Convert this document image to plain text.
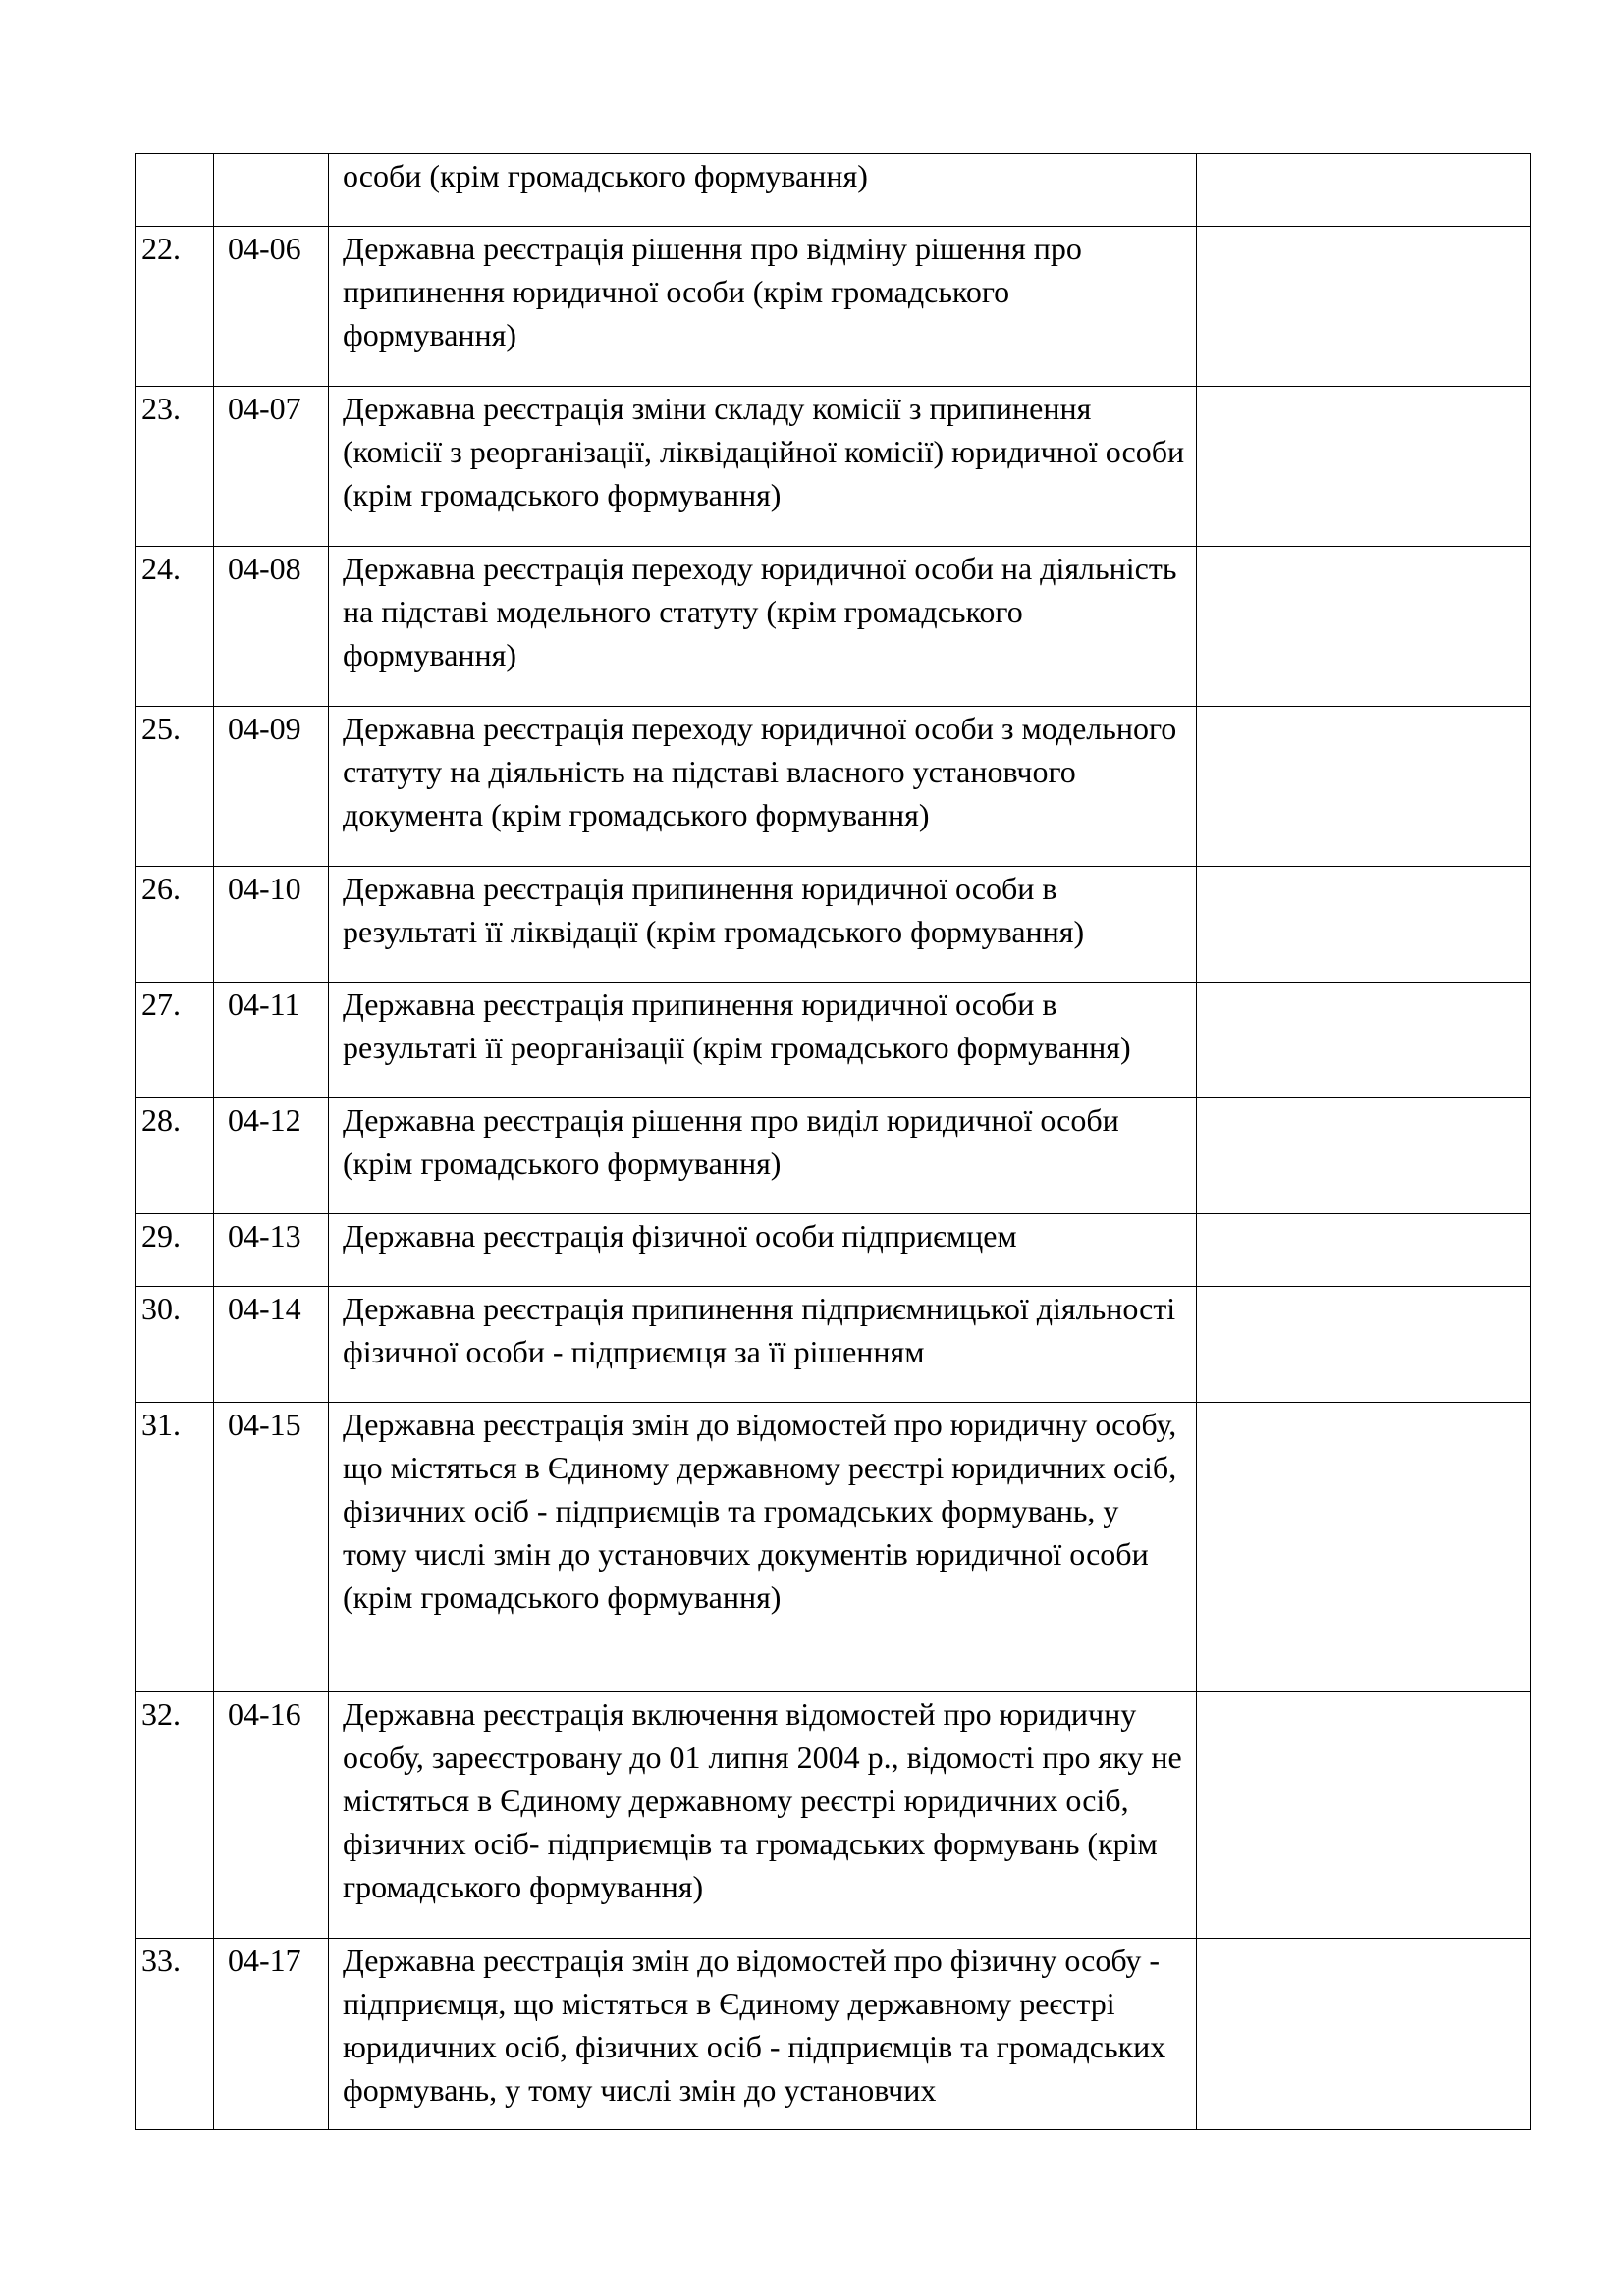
		особи (крім громадського формування)	

22.	04-06	Державна реєстрація рішення про відміну рішення про припинення юридичної особи (крім громадського формування)	

23.	04-07	Державна реєстрація зміни складу комісії з припинення (комісії з реорганізації, ліквідаційної комісії) юридичної особи (крім громадського формування)	

24.	04-08	Державна реєстрація переходу юридичної особи на діяльність на підставі модельного статуту (крім громадського формування)	

25.	04-09	Державна реєстрація переходу юридичної особи з модельного статуту на діяльність на підставі власного установчого документа (крім громадського формування)	

26.	04-10	Державна реєстрація припинення юридичної особи в результаті її ліквідації (крім громадського формування)	

27.	04-11	Державна реєстрація припинення юридичної особи в результаті її реорганізації (крім громадського формування)	

28.	04-12	Державна реєстрація рішення про виділ юридичної особи (крім громадського формування)	

29.	04-13	Державна реєстрація фізичної особи підприємцем	

30.	04-14	Державна реєстрація припинення підприємницької діяльності фізичної особи - підприємця за її рішенням	

31.	04-15	Державна реєстрація змін до відомостей про юридичну особу, що містяться в Єдиному державному реєстрі юридичних осіб, фізичних осіб - підприємців та громадських формувань, у тому числі змін до установчих документів юридичної особи (крім громадського формування)	

32.	04-16	Державна реєстрація включення відомостей про юридичну особу, зареєстровану до 01 липня 2004 р., відомості про яку не містяться в Єдиному державному реєстрі юридичних осіб, фізичних осіб- підприємців та громадських формувань (крім громадського формування)	

33.	04-17	Державна реєстрація змін до відомостей про фізичну особу - підприємця, що містяться в Єдиному державному реєстрі юридичних осіб, фізичних осіб - підприємців та громадських формувань, у тому числі змін до установчих	
